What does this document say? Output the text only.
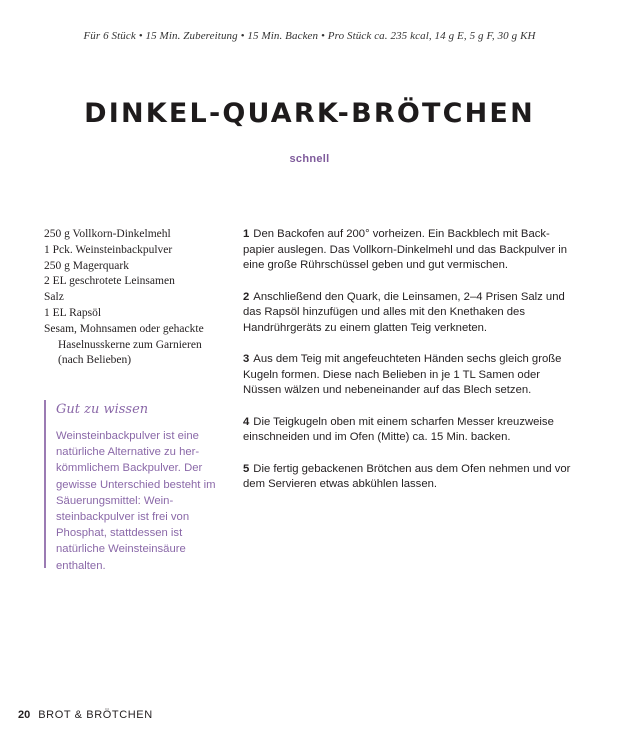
Für 6 Stück • 15 Min. Zubereitung • 15 Min. Backen • Pro Stück ca. 235 kcal, 14 g E, 5 g F, 30 g KH
DINKEL-QUARK-BRÖTCHEN
schnell
250 g Vollkorn-Dinkelmehl
1 Pck. Weinsteinbackpulver
250 g Magerquark
2 EL geschrotete Leinsamen
Salz
1 EL Rapsöl
Sesam, Mohnsamen oder gehackte Haselnusskerne zum Garnieren (nach Belieben)
Gut zu wissen
Weinsteinbackpulver ist eine natürliche Alternative zu herkömmlichem Backpulver. Der gewisse Unterschied besteht im Säuerungsmittel: Weinsteinbackpulver ist frei von Phosphat, stattdessen ist natürliche Weinsteinsäure enthalten.
1 Den Backofen auf 200° vorheizen. Ein Backblech mit Backpapier auslegen. Das Vollkorn-Dinkelmehl und das Backpulver in eine große Rührschüssel geben und gut vermischen.
2 Anschließend den Quark, die Leinsamen, 2–4 Prisen Salz und das Rapsöl hinzufügen und alles mit den Knethaken des Handrührgeräts zu einem glatten Teig verkneten.
3 Aus dem Teig mit angefeuchteten Händen sechs gleich große Kugeln formen. Diese nach Belieben in je 1 TL Samen oder Nüssen wälzen und nebeneinander auf das Blech setzen.
4 Die Teigkugeln oben mit einem scharfen Messer kreuzweise einschneiden und im Ofen (Mitte) ca. 15 Min. backen.
5 Die fertig gebackenen Brötchen aus dem Ofen nehmen und vor dem Servieren etwas abkühlen lassen.
20 BROT & BRÖTCHEN
